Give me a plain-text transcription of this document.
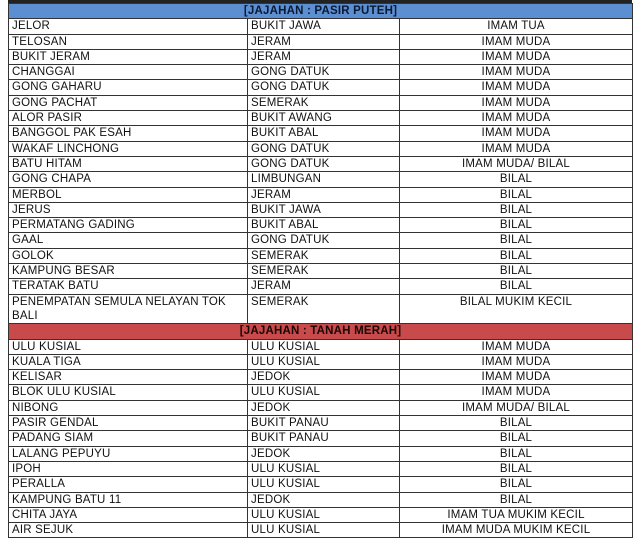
[JAJAHAN : PASIR PUTEH]		
JELOR	BUKIT JAWA	IMAM TUA
TELOSAN	JERAM	IMAM MUDA
BUKIT JERAM	JERAM	IMAM MUDA
CHANGGAI	GONG DATUK	IMAM MUDA
GONG GAHARU	GONG DATUK	IMAM MUDA
GONG PACHAT	SEMERAK	IMAM MUDA
ALOR PASIR	BUKIT AWANG	IMAM MUDA
BANGGOL PAK ESAH	BUKIT ABAL	IMAM MUDA
WAKAF LINCHONG	GONG DATUK	IMAM MUDA
BATU HITAM	GONG DATUK	IMAM MUDA/ BILAL
GONG CHAPA	LIMBUNGAN	BILAL
MERBOL	JERAM	BILAL
JERUS	BUKIT JAWA	BILAL
PERMATANG GADING	BUKIT ABAL	BILAL
GAAL	GONG DATUK	BILAL
GOLOK	SEMERAK	BILAL
KAMPUNG BESAR	SEMERAK	BILAL
TERATAK BATU	JERAM	BILAL
PENEMPATAN SEMULA NELAYAN TOK BALI	SEMERAK	BILAL MUKIM KECIL
[JAJAHAN : TANAH MERAH]		
ULU KUSIAL	ULU KUSIAL	IMAM MUDA
KUALA TIGA	ULU KUSIAL	IMAM MUDA
KELISAR	JEDOK	IMAM MUDA
BLOK ULU KUSIAL	ULU KUSIAL	IMAM MUDA
NIBONG	JEDOK	IMAM MUDA/ BILAL
PASIR GENDAL	BUKIT PANAU	BILAL
PADANG SIAM	BUKIT PANAU	BILAL
LALANG PEPUYU	JEDOK	BILAL
IPOH	ULU KUSIAL	BILAL
PERALLA	ULU KUSIAL	BILAL
KAMPUNG BATU 11	JEDOK	BILAL
CHITA JAYA	ULU KUSIAL	IMAM TUA MUKIM KECIL
AIR SEJUK	ULU KUSIAL	IMAM MUDA MUKIM KECIL
